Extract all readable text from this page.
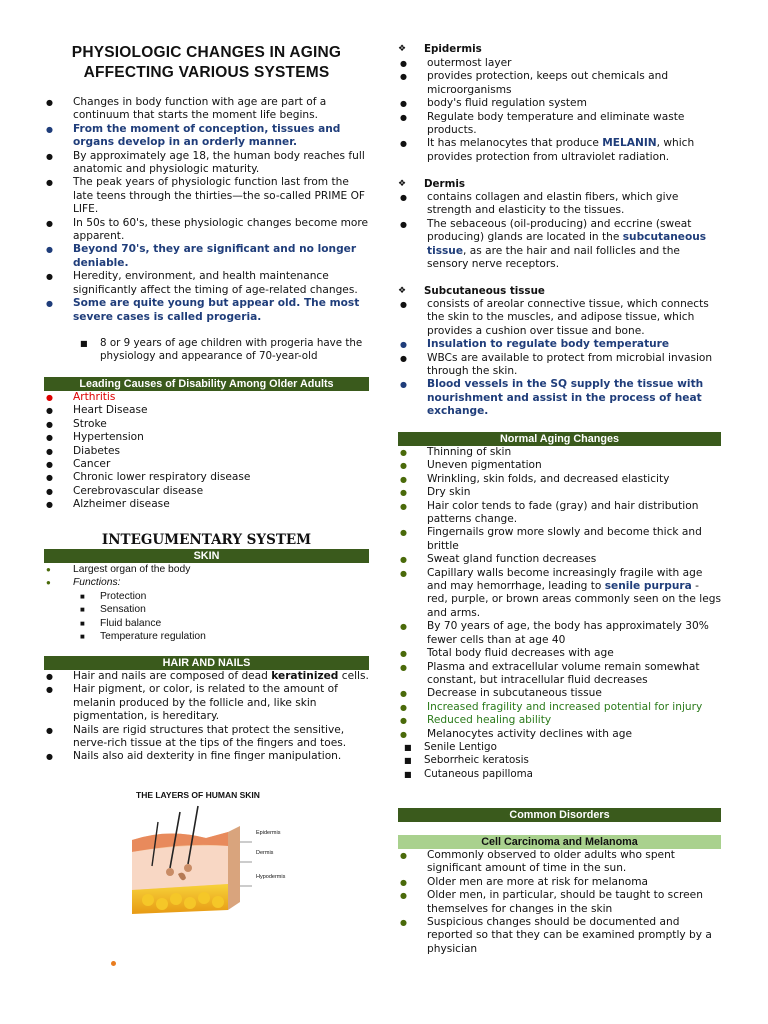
PHYSIOLOGIC CHANGES IN AGING
AFFECTING VARIOUS SYSTEMS
● Changes in body function with age are part of a continuum that starts the moment life begins.
● From the moment of conception, tissues and organs develop in an orderly manner.
● By approximately age 18, the human body reaches full anatomic and physiologic maturity.
● The peak years of physiologic function last from the late teens through the thirties—the so-called PRIME OF LIFE.
● In 50s to 60's, these physiologic changes become more apparent.
● Beyond 70's, they are significant and no longer deniable.
● Heredity, environment, and health maintenance significantly affect the timing of age-related changes.
● Some are quite young but appear old. The most severe cases is called progeria.
■ 8 or 9 years of age children with progeria have the physiology and appearance of 70-year-old
Leading Causes of Disability Among Older Adults
● Arthritis
● Heart Disease
● Stroke
● Hypertension
● Diabetes
● Cancer
● Chronic lower respiratory disease
● Cerebrovascular disease
● Alzheimer disease
INTEGUMENTARY SYSTEM
SKIN
● Largest organ of the body
● Functions:
■ Protection
■ Sensation
■ Fluid balance
■ Temperature regulation
HAIR AND NAILS
● Hair and nails are composed of dead keratinized cells.
● Hair pigment, or color, is related to the amount of melanin produced by the follicle and, like skin pigmentation, is hereditary.
● Nails are rigid structures that protect the sensitive, nerve-rich tissue at the tips of the fingers and toes.
● Nails also aid dexterity in fine finger manipulation.
THE LAYERS OF HUMAN SKIN
Epidermis
Dermis
Hypodermis
❖ Epidermis
● outermost layer
● provides protection, keeps out chemicals and microorganisms
● body's fluid regulation system
● Regulate body temperature and eliminate waste products.
● It has melanocytes that produce MELANIN, which provides protection from ultraviolet radiation.
❖ Dermis
● contains collagen and elastin fibers, which give strength and elasticity to the tissues.
● The sebaceous (oil-producing) and eccrine (sweat producing) glands are located in the subcutaneous tissue, as are the hair and nail follicles and the sensory nerve receptors.
❖ Subcutaneous tissue
● consists of areolar connective tissue, which connects the skin to the muscles, and adipose tissue, which provides a cushion over tissue and bone.
● Insulation to regulate body temperature
● WBCs are available to protect from microbial invasion through the skin.
● Blood vessels in the SQ supply the tissue with nourishment and assist in the process of heat exchange.
Normal Aging Changes
● Thinning of skin
● Uneven pigmentation
● Wrinkling, skin folds, and decreased elasticity
● Dry skin
● Hair color tends to fade (gray) and hair distribution patterns change.
● Fingernails grow more slowly and become thick and brittle
● Sweat gland function decreases
● Capillary walls become increasingly fragile with age and may hemorrhage, leading to senile purpura - red, purple, or brown areas commonly seen on the legs and arms.
● By 70 years of age, the body has approximately 30% fewer cells than at age 40
● Total body fluid decreases with age
● Plasma and extracellular volume remain somewhat constant, but intracellular fluid decreases
● Decrease in subcutaneous tissue
● Increased fragility and increased potential for injury
● Reduced healing ability
● Melanocytes activity declines with age
■ Senile Lentigo
■ Seborrheic keratosis
■ Cutaneous papilloma
Common Disorders
Cell Carcinoma and Melanoma
● Commonly observed to older adults who spent significant amount of time in the sun.
● Older men are more at risk for melanoma
● Older men, in particular, should be taught to screen themselves for changes in the skin
● Suspicious changes should be documented and reported so that they can be examined promptly by a physician
